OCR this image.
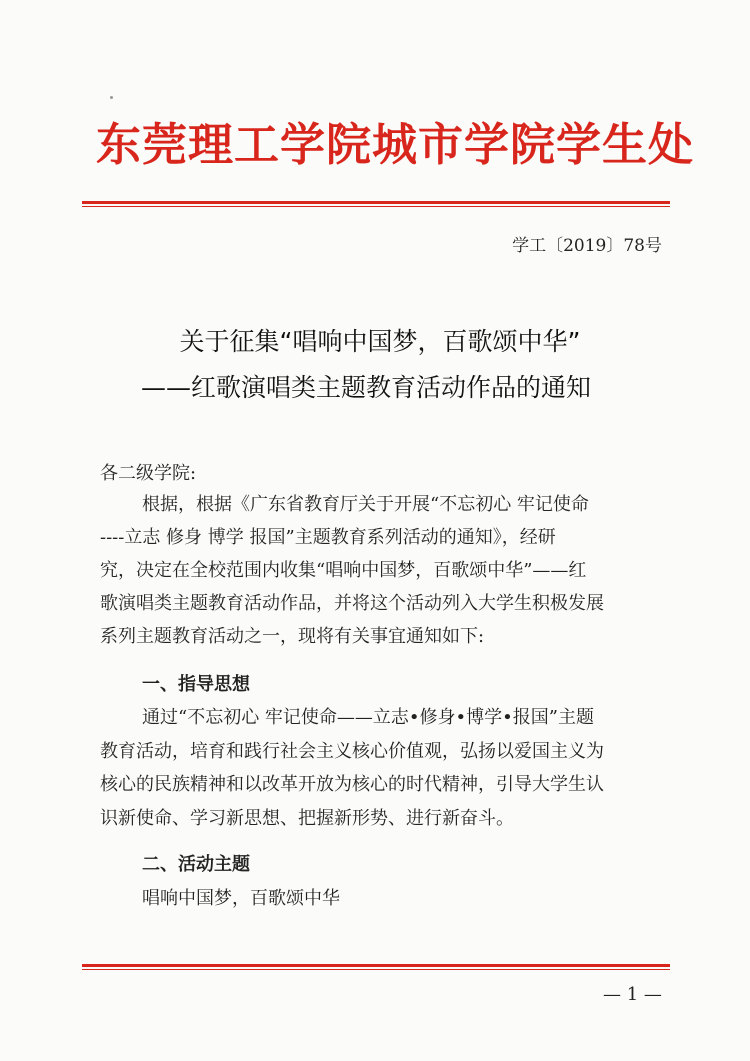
东莞理工学院城市学院学生处
学工〔2019〕78号
关于征集“唱响中国梦，百歌颂中华”
——红歌演唱类主题教育活动作品的通知
各二级学院:
根据，根据《广东省教育厅关于开展“不忘初心 牢记使命
----立志 修身 博学 报国”主题教育系列活动的通知》，经研
究，决定在全校范围内收集“唱响中国梦，百歌颂中华”——红
歌演唱类主题教育活动作品，并将这个活动列入大学生积极发展
系列主题教育活动之一，现将有关事宜通知如下:
一、指导思想
通过“不忘初心 牢记使命——立志•修身•博学•报国”主题
教育活动，培育和践行社会主义核心价值观，弘扬以爱国主义为
核心的民族精神和以改革开放为核心的时代精神，引导大学生认
识新使命、学习新思想、把握新形势、进行新奋斗。
二、活动主题
唱响中国梦，百歌颂中华
— 1 —
